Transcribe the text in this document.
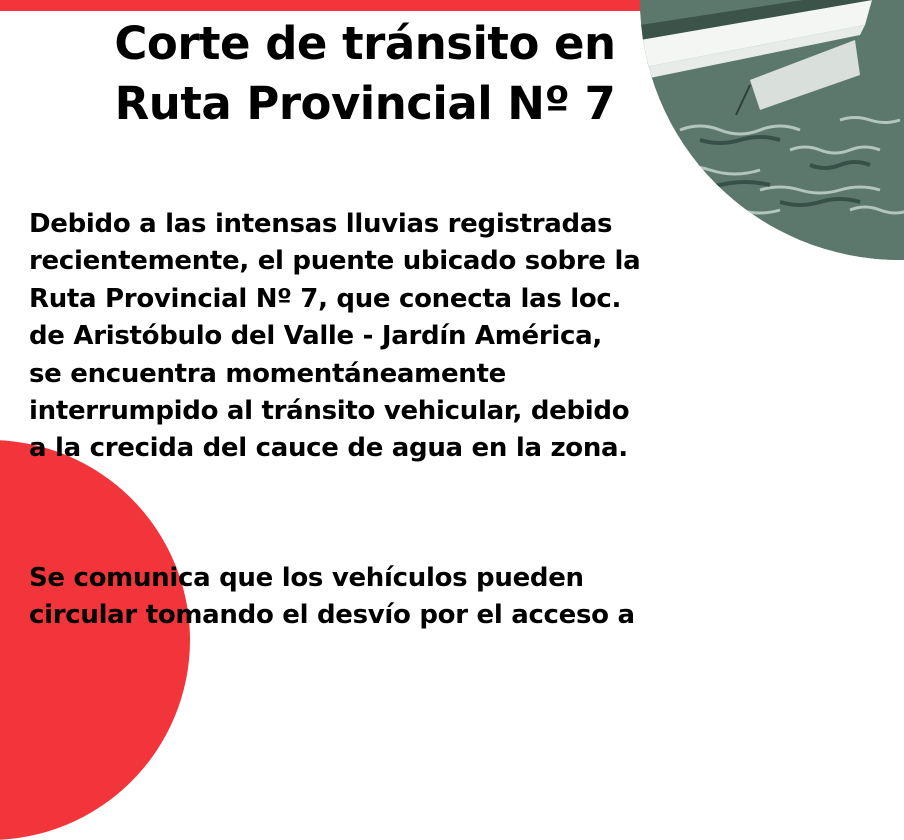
Corte de tránsito en
Ruta Provincial Nº 7

Debido a las intensas lluvias registradas
recientemente, el puente ubicado sobre la
Ruta Provincial Nº 7, que conecta las loc.
de Aristóbulo del Valle - Jardín América,
se encuentra momentáneamente
interrumpido al tránsito vehicular, debido
a la crecida del cauce de agua en la zona.

Se comunica que los vehículos pueden
circular tomando el desvío por el acceso a
